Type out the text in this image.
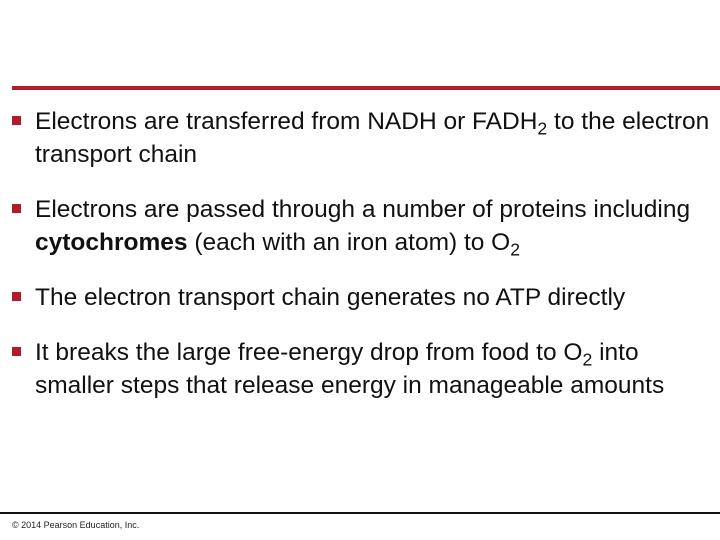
Electrons are transferred from NADH or $FADH_2$ to the electron transport chain
Electrons are passed through a number of proteins including cytochromes (each with an iron atom) to $O_2$
The electron transport chain generates no ATP directly
It breaks the large free-energy drop from food to $O_2$ into smaller steps that release energy in manageable amounts
© 2014 Pearson Education, Inc.
